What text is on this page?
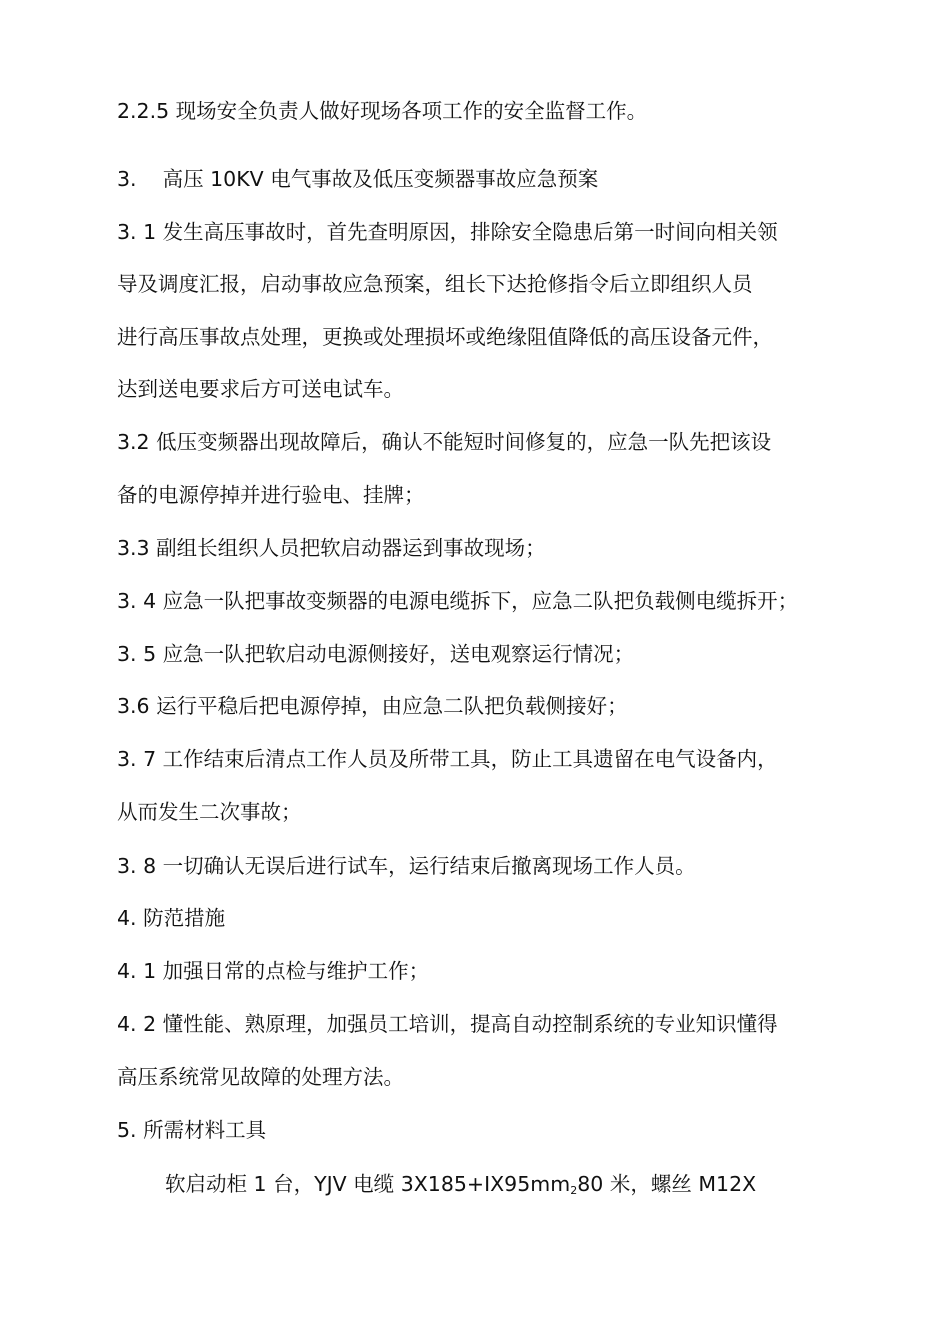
2.2.5 现场安全负责人做好现场各项工作的安全监督工作。
3.    高压 10KV 电气事故及低压变频器事故应急预案
3. 1 发生高压事故时，首先查明原因，排除安全隐患后第一时间向相关领
导及调度汇报，启动事故应急预案，组长下达抢修指令后立即组织人员
进行高压事故点处理，更换或处理损坏或绝缘阻值降低的高压设备元件，
达到送电要求后方可送电试车。
3.2 低压变频器出现故障后，确认不能短时间修复的，应急一队先把该设
备的电源停掉并进行验电、挂牌；
3.3 副组长组织人员把软启动器运到事故现场；
3. 4 应急一队把事故变频器的电源电缆拆下，应急二队把负载侧电缆拆开；
3. 5 应急一队把软启动电源侧接好，送电观察运行情况；
3.6 运行平稳后把电源停掉，由应急二队把负载侧接好；
3. 7 工作结束后清点工作人员及所带工具，防止工具遗留在电气设备内，
从而发生二次事故；
3. 8 一切确认无误后进行试车，运行结束后撤离现场工作人员。
4. 防范措施
4. 1 加强日常的点检与维护工作；
4. 2 懂性能、熟原理，加强员工培训，提高自动控制系统的专业知识懂得
高压系统常见故障的处理方法。
5. 所需材料工具
软启动柜 1 台，YJV 电缆 $3X185+IX95mm_280$ 米，螺丝 M12X
